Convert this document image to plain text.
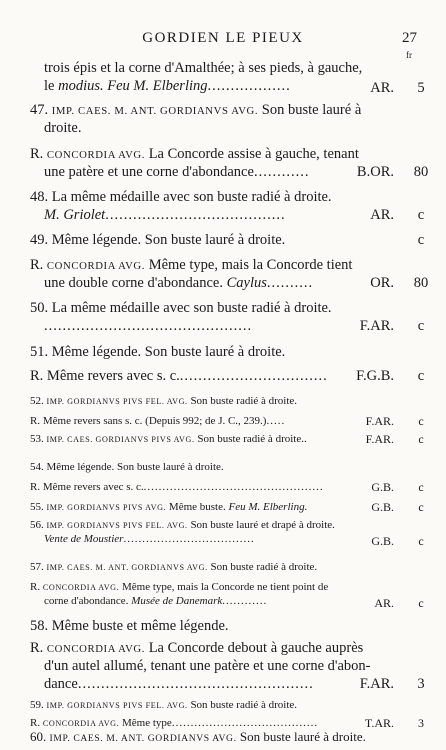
GORDIEN LE PIEUX	27
fr
trois épis et la corne d'Amalthée; à ses pieds, à gauche,
le modius. Feu M. Elberling..................	AR.	5
47. IMP. CAES. M. ANT. GORDIANVS AVG. Son buste lauré à
droite.
R. CONCORDIA AVG. La Concorde assise à gauche, tenant
une patère et une corne d'abondance............	B.OR.	80
48. La même médaille avec son buste radié à droite.
M. Griolet.......................................	AR.	c
49. Même légende. Son buste lauré à droite.	c
R. CONCORDIA AVG. Même type, mais la Concorde tient
une double corne d'abondance. Caylus..........	OR.	80
50. La même médaille avec son buste radié à droite.
.............................................	F.AR.	c
51. Même légende. Son buste lauré à droite.
R. Même revers avec s. c.................................	F.G.B.	c
52. IMP. GORDIANVS PIVS FEL. AVG. Son buste radié à droite.
R. Même revers sans s. c. (Depuis 992; de J. C., 239.).....	F.AR.	c
53. IMP. CAES. GORDIANVS PIVS AVG. Son buste radié à droite..	F.AR.	c
54. Même légende. Son buste lauré à droite.
R. Même revers avec s. c.................................................	G.B.	c
55. IMP. GORDIANVS PIVS AVG. Même buste. Feu M. Elberling.	G.B.	c
56. IMP. GORDIANVS PIVS FEL. AVG. Son buste lauré et drapé à droite.
Vente de Moustier...................................	G.B.	c
57. IMP. CAES. M. ANT. GORDIANVS AVG. Son buste radié à droite.
R. CONCORDIA AVG. Même type, mais la Concorde ne tient point de
corne d'abondance. Musée de Danemark............	AR.	c
58. Même buste et même légende.
R. CONCORDIA AVG. La Concorde debout à gauche auprès
d'un autel allumé, tenant une patère et une corne d'abon-
dance...................................................	F.AR.	3
59. IMP. GORDIANVS PIVS FEL. AVG. Son buste radié à droite.
R. CONCORDIA AVG. Même type.......................................	T.AR.	3
60. IMP. CAES. M. ANT. GORDIANVS AVG. Son buste lauré à droite.
